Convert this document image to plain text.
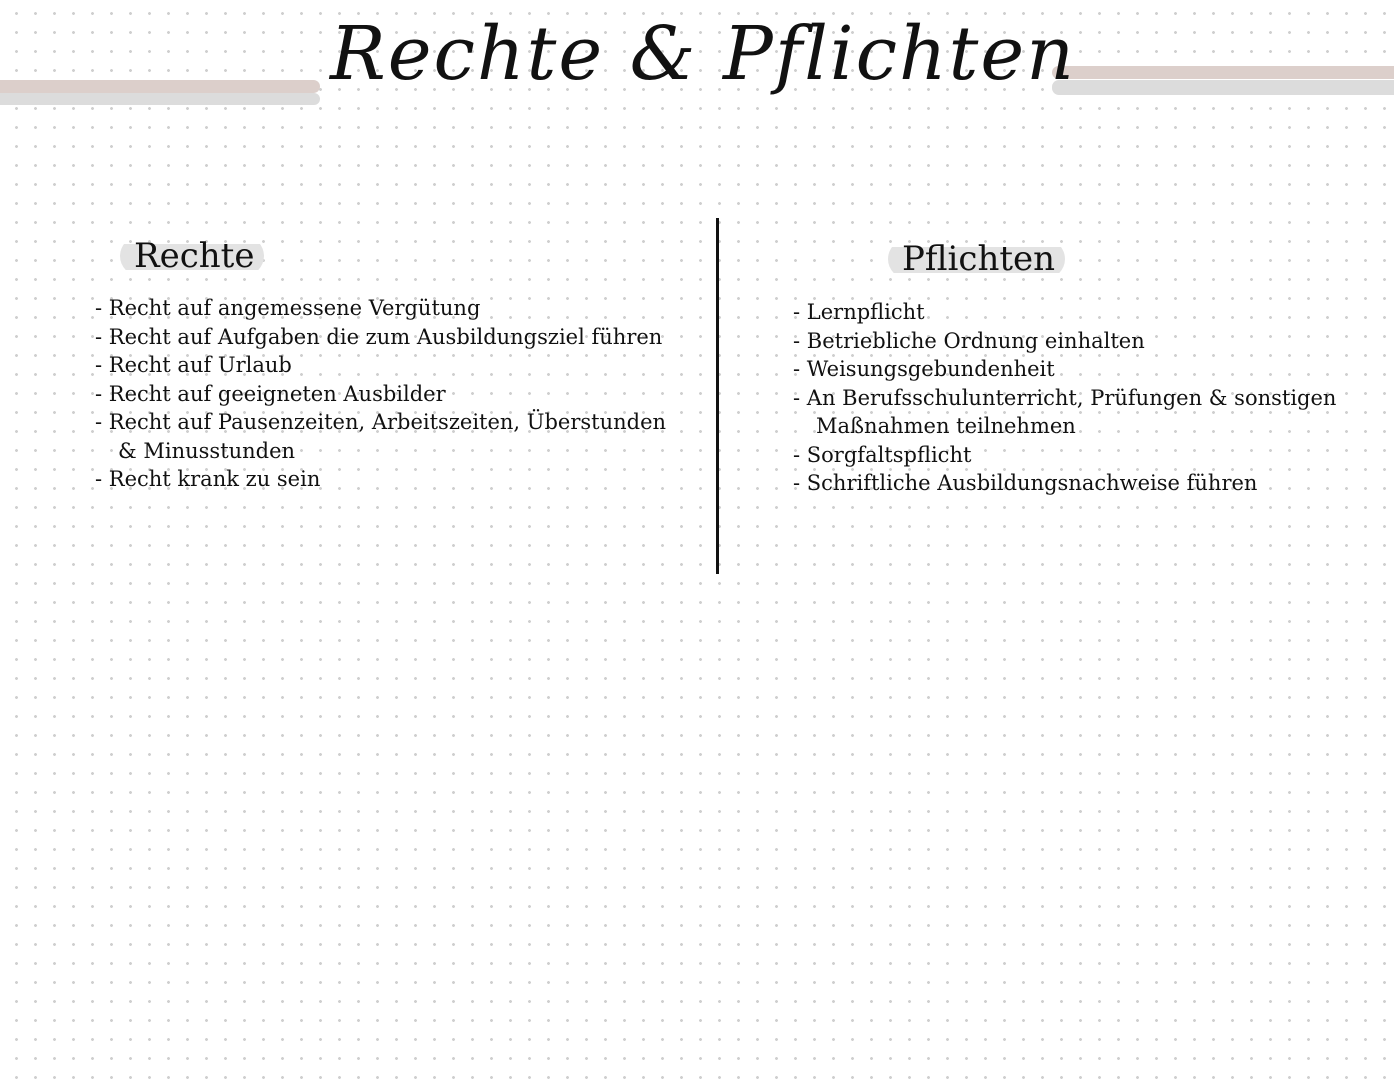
Rechte & Pflichten
Rechte
- Recht auf angemessene Vergütung
- Recht auf Aufgaben die zum Ausbildungsziel führen
- Recht auf Urlaub
- Recht auf geeigneten Ausbilder
- Recht auf Pausenzeiten, Arbeitszeiten, Überstunden & Minusstunden
- Recht krank zu sein
Pflichten
- Lernpflicht
- Betriebliche Ordnung einhalten
- Weisungsgebundenheit
- An Berufsschulunterricht, Prüfungen & sonstigen Maßnahmen teilnehmen
- Sorgfaltspflicht
- Schriftliche Ausbildungsnachweise führen
